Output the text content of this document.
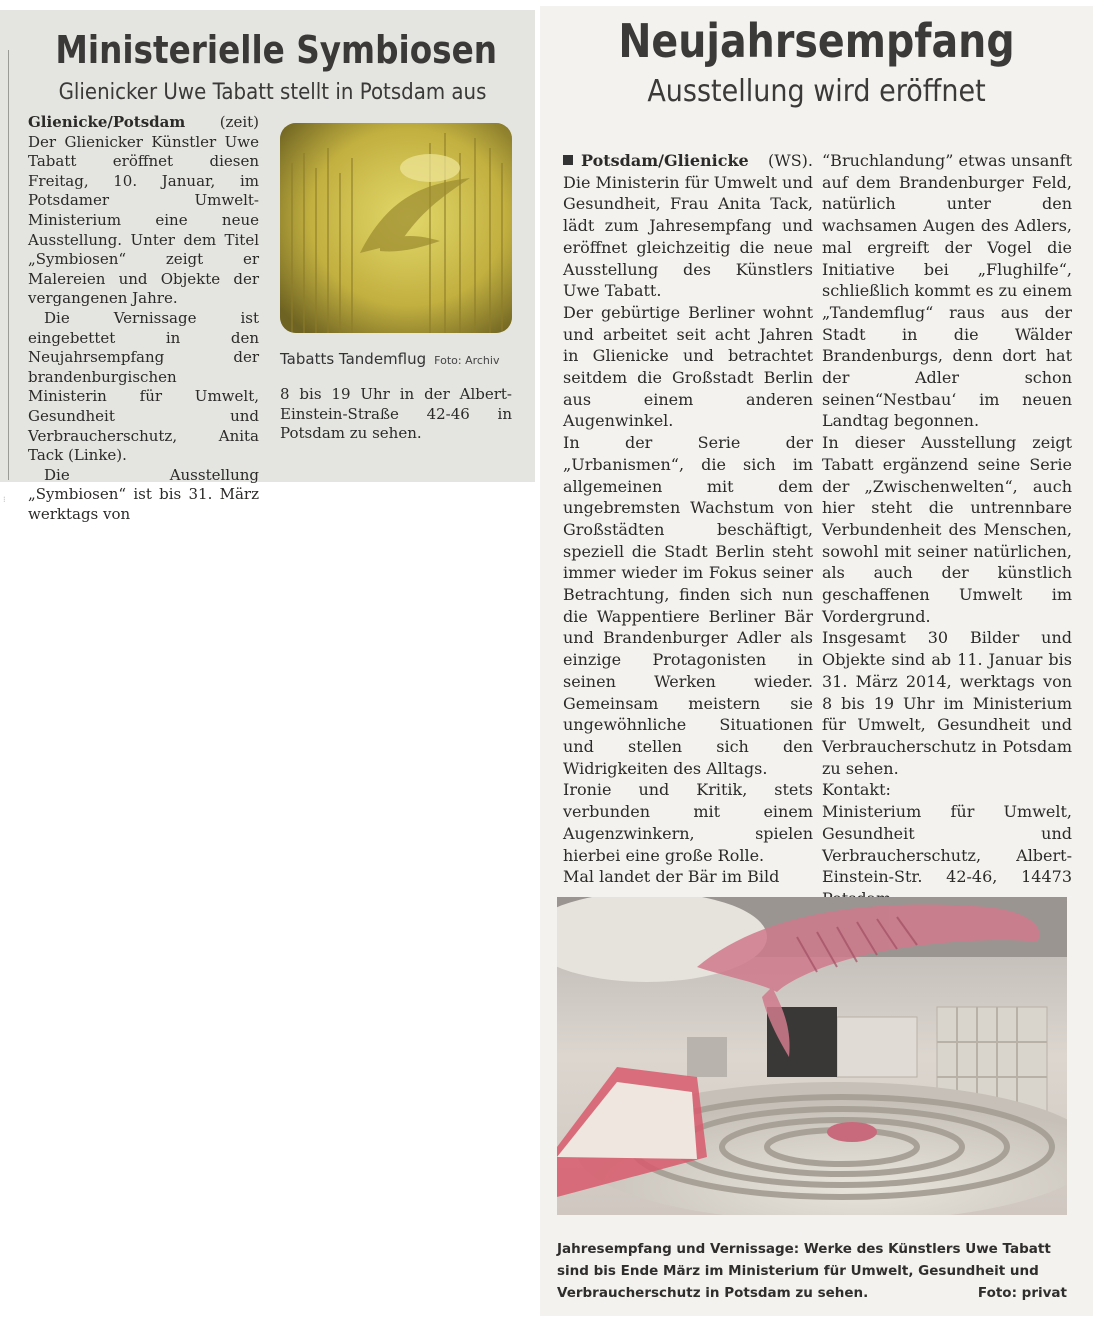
Ministerielle Symbiosen
Glienicker Uwe Tabatt stellt in Potsdam aus

Glienicke/Potsdam (zeit) Der Glienicker Künstler Uwe Tabatt eröffnet diesen Freitag, 10. Januar, im Potsdamer Umwelt-Ministerium eine neue Ausstellung. Unter dem Titel „Symbiosen“ zeigt er Malereien und Objekte der vergangenen Jahre.

Die Vernissage ist eingebettet in den Neujahrsempfang der brandenburgischen Ministerin für Umwelt, Gesundheit und Verbraucherschutz, Anita Tack (Linke).

Die Ausstellung „Symbiosen“ ist bis 31. März werktags von

Tabatts Tandemflug Foto: Archiv
8 bis 19 Uhr in der Albert-Einstein-Straße 42-46 in Potsdam zu sehen.
⁝
Neujahrsempfang
Ausstellung wird eröffnet

Potsdam/Glienicke (WS). Die Ministerin für Umwelt und Gesundheit, Frau Anita Tack, lädt zum Jahresempfang und eröffnet gleichzeitig die neue Ausstellung des Künstlers Uwe Tabatt.

Der gebürtige Berliner wohnt und arbeitet seit acht Jahren in Glienicke und betrachtet seitdem die Großstadt Berlin aus einem anderen Augenwinkel.

In der Serie der „Urbanismen“, die sich im allgemeinen mit dem ungebremsten Wachstum von Großstädten beschäftigt, speziell die Stadt Berlin steht immer wieder im Fokus seiner Betrachtung, finden sich nun die Wappentiere Berliner Bär und Brandenburger Adler als einzige Protagonisten in seinen Werken wieder. Gemeinsam meistern sie ungewöhnliche Situationen und stellen sich den Widrigkeiten des Alltags.

Ironie und Kritik, stets verbunden mit einem Augenzwinkern, spielen hierbei eine große Rolle.

Mal landet der Bär im Bild

“Bruchlandung” etwas unsanft auf dem Brandenburger Feld, natürlich unter den wachsamen Augen des Adlers, mal ergreift der Vogel die Initiative bei „Flughilfe“, schließlich kommt es zu einem „Tandemflug“ raus aus der Stadt in die Wälder Brandenburgs, denn dort hat der Adler schon seinen“Nestbau‘ im neuen Landtag begonnen.

In dieser Ausstellung zeigt Tabatt ergänzend seine Serie der „Zwischenwelten“, auch hier steht die untrennbare Verbundenheit des Menschen, sowohl mit seiner natürlichen, als auch der künstlich geschaffenen Umwelt im Vordergrund.

Insgesamt 30 Bilder und Objekte sind ab 11. Januar bis 31. März 2014, werktags von 8 bis 19 Uhr im Ministerium für Umwelt, Gesundheit und Verbraucherschutz in Potsdam zu sehen.

Kontakt:

Ministerium für Umwelt, Gesundheit und Verbraucherschutz, Albert-Einstein-Str. 42-46, 14473

Jahresempfang und Vernissage: Werke des Künstlers Uwe Tabatt sind bis Ende März im Ministerium für Umwelt, Gesundheit und Verbraucherschutz in Potsdam zu sehen.	Foto: privat
